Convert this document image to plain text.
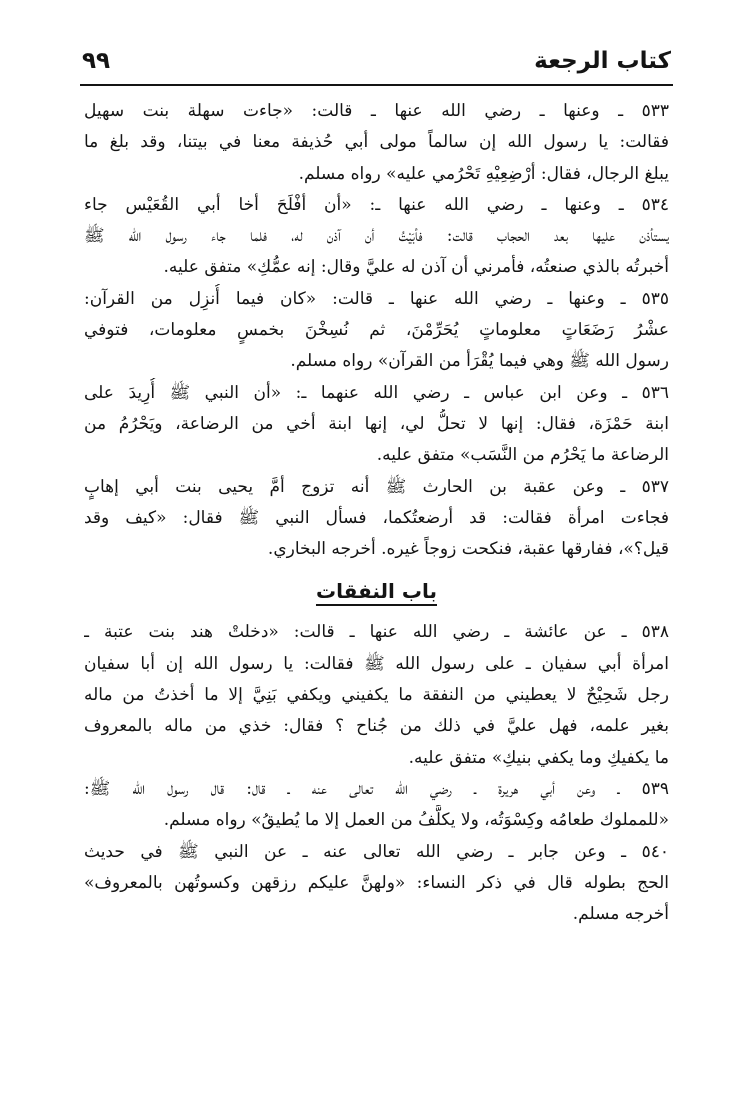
كتاب الرجعة
٩٩
٥٣٣ ـ وعنها ـ رضي الله عنها ـ قالت: «جاءت سهلة بنت سهيل
فقالت: يا رسول الله إن سالماً مولى أبي حُذيفة معنا في بيتنا، وقد بلغ ما
يبلغ الرجال، فقال: أرْضِعِيْهِ تَحْرُمي عليه» رواه مسلم.
٥٣٤ ـ وعنها ـ رضي الله عنها ـ: «أن أفْلَحَ أخا أبي القُعَيْس جاء
يستأذن عليها بعد الحجاب قالت: فأبَيْتُ أن آذن له، فلما جاء رسول الله ﷺ
أخبرتُه بالذي صنعتُه، فأمرني أن آذن له عليَّ وقال: إنه عمُّكِ» متفق عليه.
٥٣٥ ـ وعنها ـ رضي الله عنها ـ قالت: «كان فيما أُنزِل من القرآن:
عشْرُ رَضَعَاتٍ معلوماتٍ يُحَرِّمْنَ، ثم نُسِخْنَ بخمسٍ معلومات، فتوفي
رسول الله ﷺ وهي فيما يُقْرَأ من القرآن» رواه مسلم.
٥٣٦ ـ وعن ابن عباس ـ رضي الله عنهما ـ: «أن النبي ﷺ أُرِيدَ على
ابنة حَمْزَة، فقال: إنها لا تحلُّ لي، إنها ابنة أخي من الرضاعة، ويَحْرُمُ من
الرضاعة ما يَحْرُم من النَّسَب» متفق عليه.
٥٣٧ ـ وعن عقبة بن الحارث ﷺ أنه تزوج أمَّ يحيى بنت أبي إهابٍ
فجاءت امرأة فقالت: قد أرضعتُكما، فسأل النبي ﷺ فقال: «كيف وقد
قيل؟»، ففارقها عقبة، فنكحت زوجاً غيره. أخرجه البخاري.
باب النفقات
٥٣٨ ـ عن عائشة ـ رضي الله عنها ـ قالت: «دخلتْ هند بنت عتبة ـ
امرأة أبي سفيان ـ على رسول الله ﷺ فقالت: يا رسول الله إن أبا سفيان
رجل شَحِيْحٌ لا يعطيني من النفقة ما يكفيني ويكفي بَنِيَّ إلا ما أخذتُ من ماله
بغير علمه، فهل عليَّ في ذلك من جُناح ؟ فقال: خذي من ماله بالمعروف
ما يكفيكِ وما يكفي بنيكِ» متفق عليه.
٥٣٩ ـ وعن أبي هريرة ـ رضي الله تعالى عنه ـ قال: قال رسول الله ﷺ:
«للمملوك طعامُه وكِسْوَتُه، ولا يكلَّفُ من العمل إلا ما يُطيقُ» رواه مسلم.
٥٤٠ ـ وعن جابر ـ رضي الله تعالى عنه ـ عن النبي ﷺ في حديث
الحج بطوله قال في ذكر النساء: «ولهنَّ عليكم رزقهن وكسوتُهن بالمعروف»
أخرجه مسلم.
